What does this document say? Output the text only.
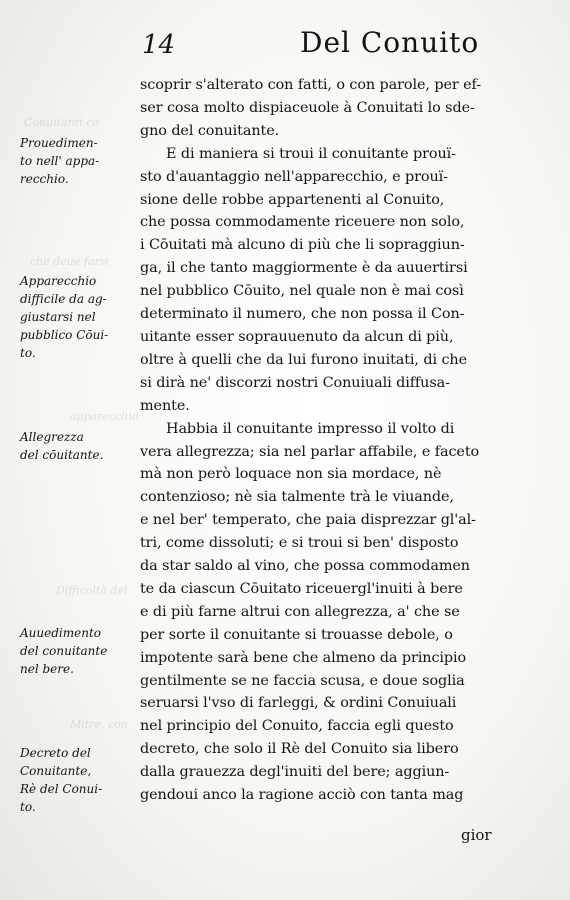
Conuitanti co
che deue farsi
apparecchio
Difficoltà del
Mitre, con
14	Del Conuito
Prouedimen-
to nell' appa-
recchio.
Apparecchio
difficile da ag-
giustarsi nel
pubblico Cōui-
to.
Allegrezza
del cōuitante.
Auuedimento
del conuitante
nel bere.
Decreto del
Conuitante,
Rè del Conui-
to.
scoprir s'alterato con fatti, o con parole, per ef-
ser cosa molto dispiaceuole à Conuitati lo sde-
gno del conuitante.
E di maniera si troui il conuitante prouï-
sto d'auantaggio nell'apparecchio, e prouï-
sione delle robbe appartenenti al Conuito,
che possa commodamente riceuere non solo,
i Cōuitati mà alcuno di più che li sopraggiun-
ga, il che tanto maggiormente è da auuertirsi
nel pubblico Cōuito, nel quale non è mai così
determinato il numero, che non possa il Con-
uitante esser soprauuenuto da alcun di più,
oltre à quelli che da lui furono inuitati, di che
si dirà ne' discorzi nostri Conuiuali diffusa-
mente.
Habbia il conuitante impresso il volto di
vera allegrezza; sia nel parlar affabile, e faceto
mà non però loquace non sia mordace, nè
contenzioso; nè sia talmente trà le viuande,
e nel ber' temperato, che paia disprezzar gl'al-
tri, come dissoluti; e si troui si ben' disposto
da star saldo al vino, che possa commodamen
te da ciascun Cōuitato riceuergl'inuiti à bere
e di più farne altrui con allegrezza, a' che se
per sorte il conuitante si trouasse debole, o
impotente sarà bene che almeno da principio
gentilmente se ne faccia scusa, e doue soglia
seruarsi l'vso di farleggi, & ordini Conuiuali
nel principio del Conuito, faccia egli questo
decreto, che solo il Rè del Conuito sia libero
dalla grauezza degl'inuiti del bere; aggiun-
gendoui anco la ragione acciò con tanta mag
gior
